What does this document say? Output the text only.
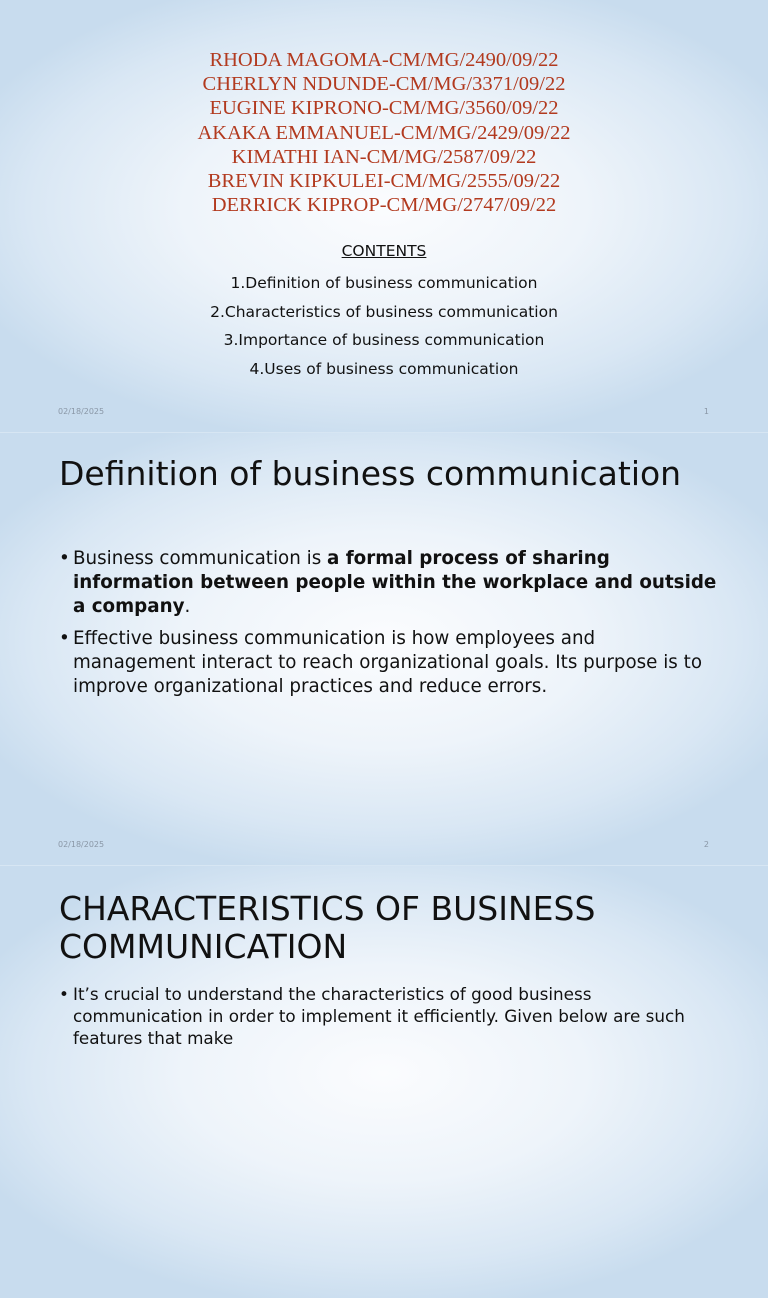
RHODA MAGOMA-CM/MG/2490/09/22
CHERLYN NDUNDE-CM/MG/3371/09/22
EUGINE KIPRONO-CM/MG/3560/09/22
AKAKA EMMANUEL-CM/MG/2429/09/22
KIMATHI IAN-CM/MG/2587/09/22
BREVIN KIPKULEI-CM/MG/2555/09/22
DERRICK KIPROP-CM/MG/2747/09/22

CONTENTS

1.Definition of business communication
2.Characteristics of business communication
3.Importance of business communication
4.Uses of business communication
02/18/2025	1
Definition of business communication
• Business communication is a formal process of sharing information between people within the workplace and outside a company.
• Effective business communication is how employees and management interact to reach organizational goals. Its purpose is to improve organizational practices and reduce errors.
02/18/2025	2
CHARACTERISTICS OF BUSINESS COMMUNICATION
• It’s crucial to understand the characteristics of good business communication in order to implement it efficiently. Given below are such features that make
